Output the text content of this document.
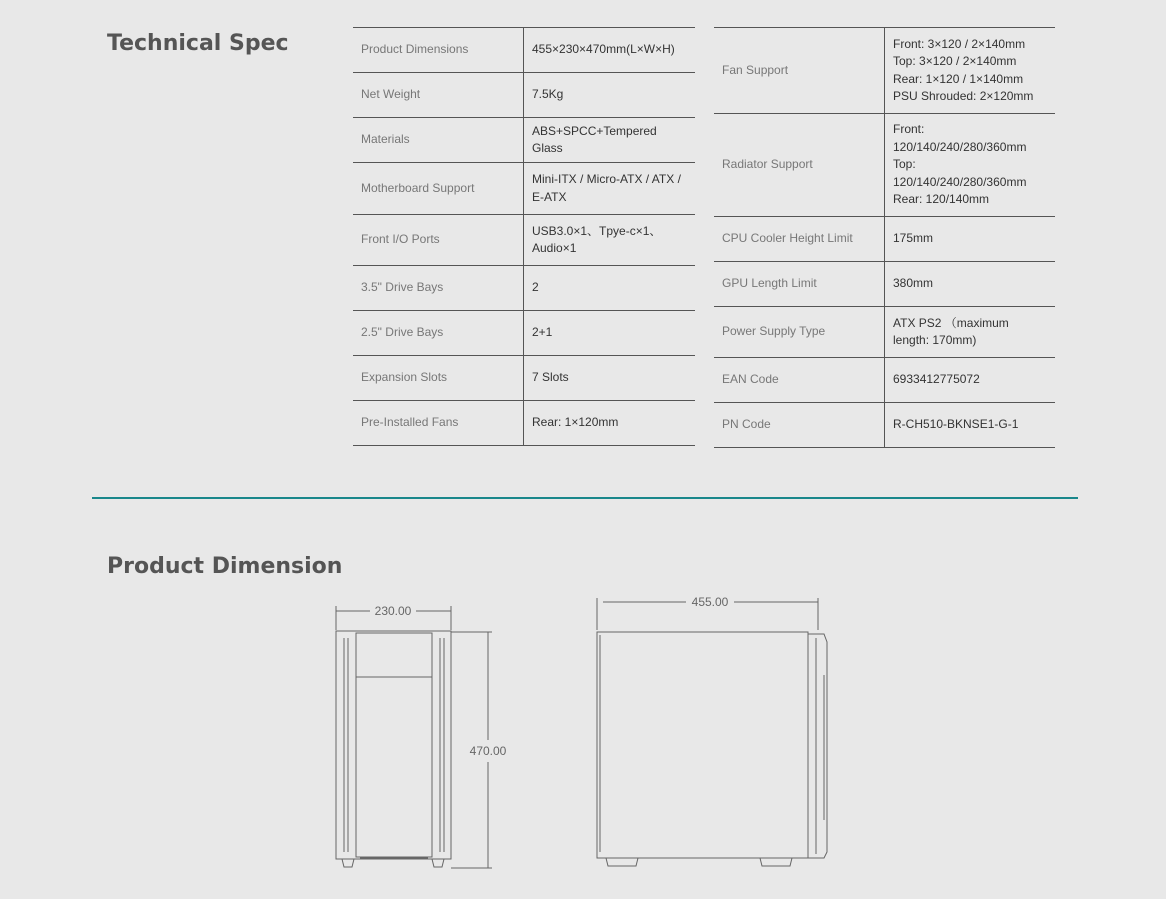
Technical Spec	Product Dimensions	455×230×470mm(L×W×H)
Net Weight	7.5Kg
Materials	ABS+SPCC+Tempered Glass
Motherboard Support	Mini-ITX / Micro-ATX / ATX / E-ATX
Front I/O Ports	USB3.0×1、Tpye-c×1、Audio×1
3.5" Drive Bays	2
2.5" Drive Bays	2+1
Expansion Slots	7 Slots
Pre-Installed Fans	Rear: 1×120mm
Fan Support	Front: 3×120 / 2×140mm
Top: 3×120 / 2×140mm
Rear: 1×120 / 1×140mm
PSU Shrouded: 2×120mm

Radiator Support	Front:
120/140/240/280/360mm
Top:
120/140/240/280/360mm
Rear: 120/140mm

CPU Cooler Height Limit	175mm
GPU Length Limit	380mm
Power Supply Type	ATX PS2 （maximum length: 170mm)
EAN Code	6933412775072
PN Code	R-CH510-BKNSE1-G-1
Product Dimension
230.00
470.00
455.00
